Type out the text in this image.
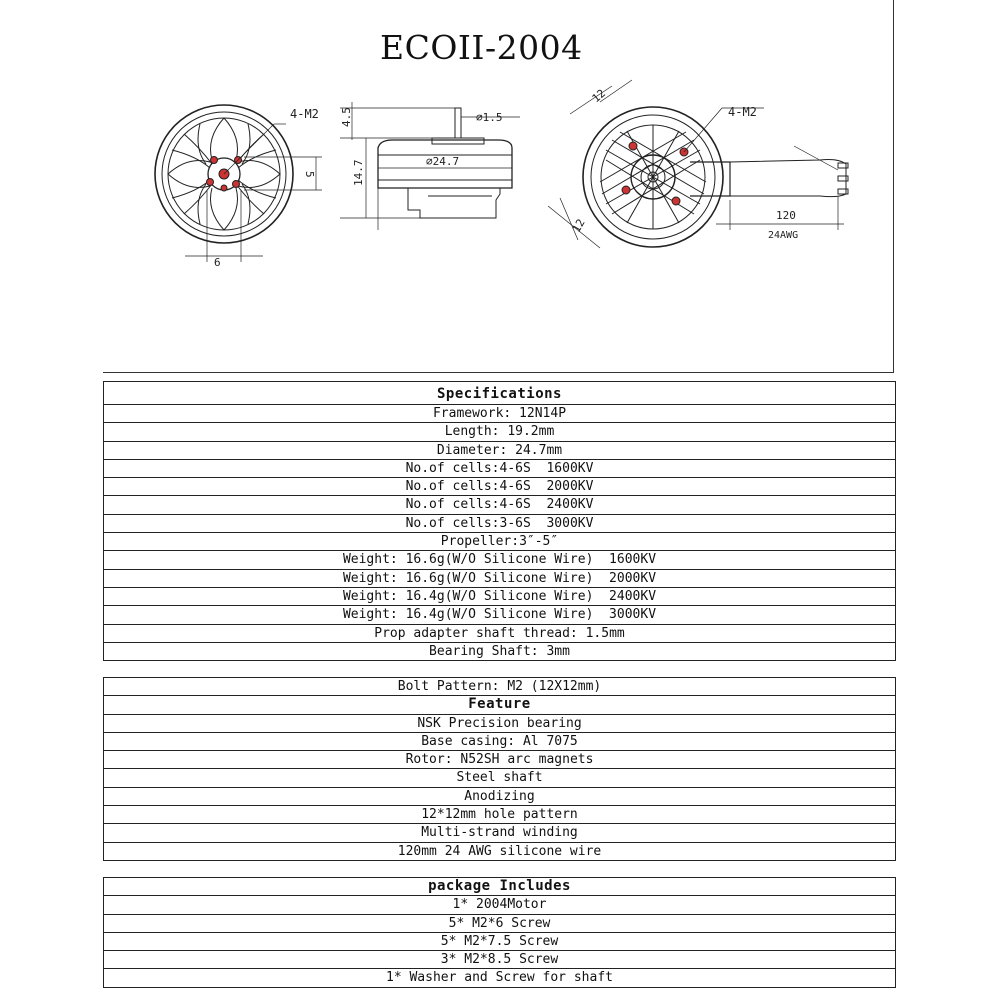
ECOII-2004
4-M2
5
6
⌀1.5
4.5
14.7	⌀24.7
4-M2
12
12
120
24AWG
Specifications
Framework: 12N14P
Length: 19.2mm
Diameter: 24.7mm
No.of cells:4-6S  1600KV
No.of cells:4-6S  2000KV
No.of cells:4-6S  2400KV
No.of cells:3-6S  3000KV
Propeller:3″-5″
Weight: 16.6g(W/O Silicone Wire)  1600KV
Weight: 16.6g(W/O Silicone Wire)  2000KV
Weight: 16.4g(W/O Silicone Wire)  2400KV
Weight: 16.4g(W/O Silicone Wire)  3000KV
Prop adapter shaft thread: 1.5mm
Bearing Shaft: 3mm
Bolt Pattern: M2 (12X12mm)
Feature
NSK Precision bearing
Base casing: Al 7075
Rotor: N52SH arc magnets
Steel shaft
Anodizing
12*12mm hole pattern
Multi-strand winding
120mm 24 AWG silicone wire
package Includes
1* 2004Motor
5* M2*6 Screw
5* M2*7.5 Screw
3* M2*8.5 Screw
1* Washer and Screw for shaft
